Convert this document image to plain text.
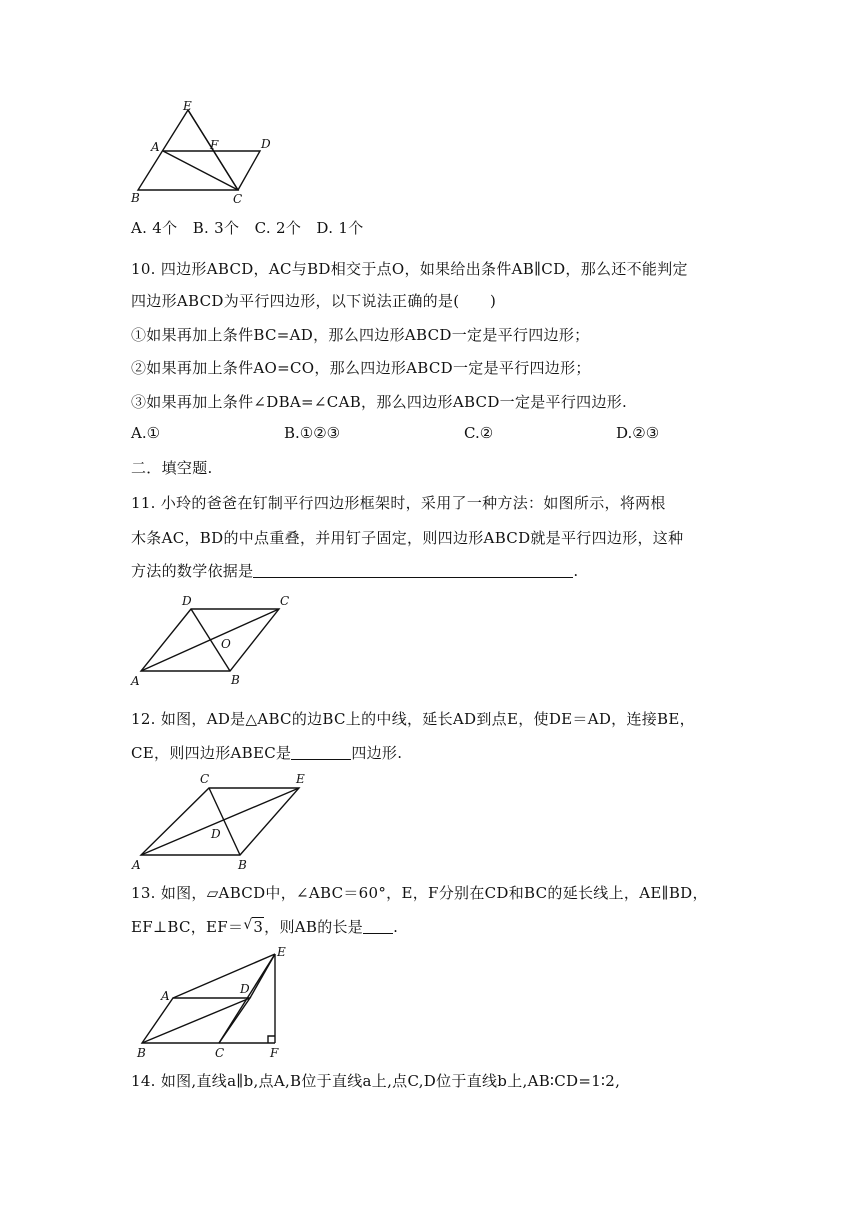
E
A	F	D
B	C
A. 4个　B. 3个　C. 2个　D. 1个
10. 四边形ABCD，AC与BD相交于点O，如果给出条件AB∥CD，那么还不能判定
四边形ABCD为平行四边形，以下说法正确的是(　　)
①如果再加上条件BC=AD，那么四边形ABCD一定是平行四边形；
②如果再加上条件AO=CO，那么四边形ABCD一定是平行四边形；
③如果再加上条件∠DBA=∠CAB，那么四边形ABCD一定是平行四边形.
A.①	B.①②③	C.②	D.②③
二．填空题.
11. 小玲的爸爸在钉制平行四边形框架时，采用了一种方法：如图所示，将两根
木条AC，BD的中点重叠，并用钉子固定，则四边形ABCD就是平行四边形，这种
方法的数学依据是	.
D	C
O
A	B
12. 如图，AD是△ABC的边BC上的中线，延长AD到点E，使DE＝AD，连接BE，
CE，则四边形ABEC是	四边形.
C	E
D
A	B
13. 如图，▱ABCD中，∠ABC＝60°，E，F分别在CD和BC的延长线上，AE∥BD，
EF⊥BC，EF＝ √ 3，则AB的长是 .
E
A	D
B	C	F
14. 如图,直线a∥b,点A,B位于直线a上,点C,D位于直线b上,AB∶CD=1∶2,
